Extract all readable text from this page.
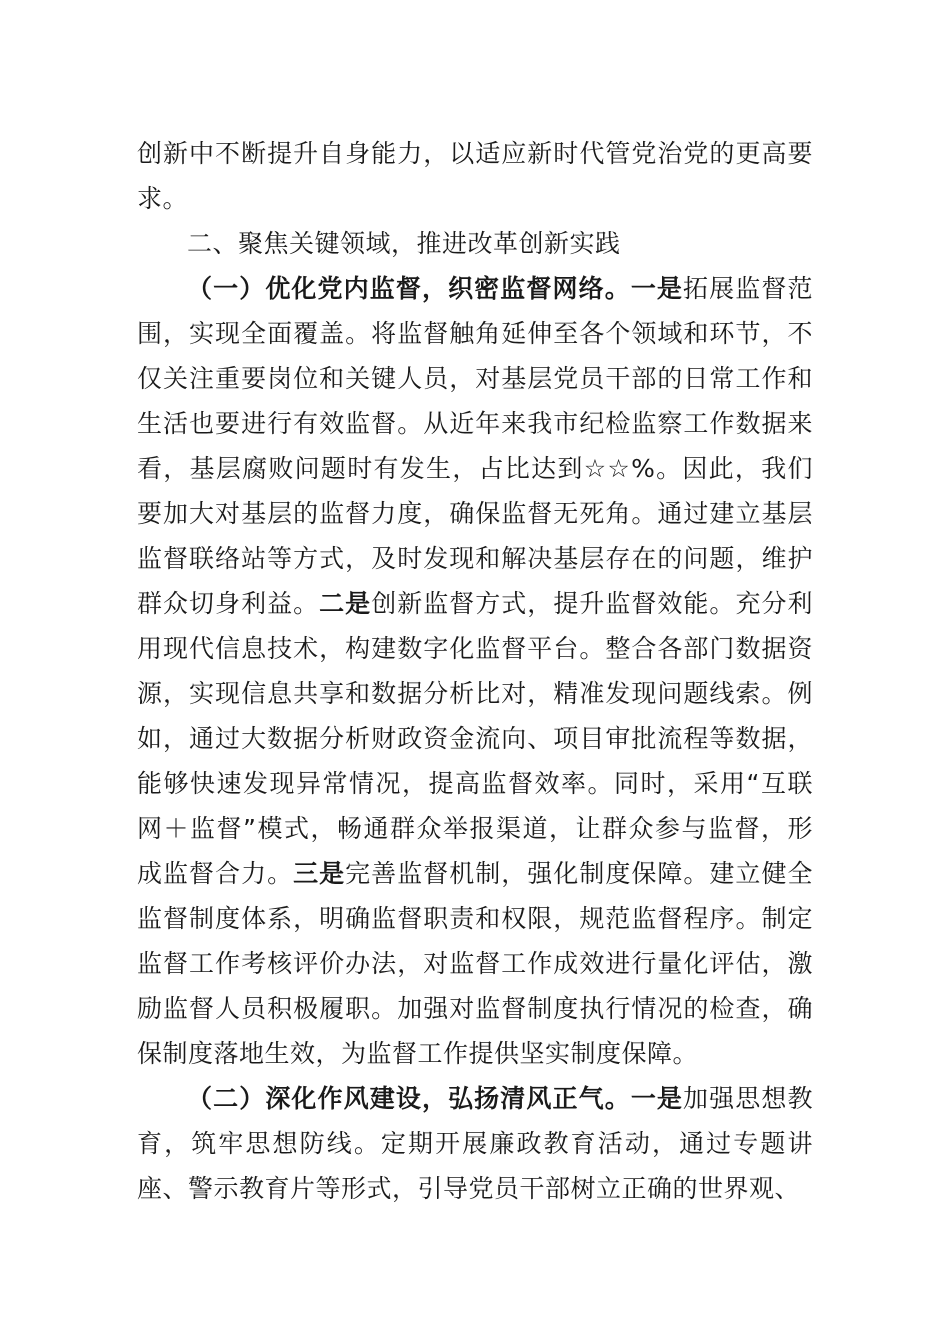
创新中不断提升自身能力，以适应新时代管党治党的更高要求。

二、聚焦关键领域，推进改革创新实践

（一）优化党内监督，织密监督网络。一是拓展监督范围，实现全面覆盖。将监督触角延伸至各个领域和环节，不仅关注重要岗位和关键人员，对基层党员干部的日常工作和生活也要进行有效监督。从近年来我市纪检监察工作数据来看，基层腐败问题时有发生，占比达到☆☆%。因此，我们要加大对基层的监督力度，确保监督无死角。通过建立基层监督联络站等方式，及时发现和解决基层存在的问题，维护群众切身利益。二是创新监督方式，提升监督效能。充分利用现代信息技术，构建数字化监督平台。整合各部门数据资源，实现信息共享和数据分析比对，精准发现问题线索。例如，通过大数据分析财政资金流向、项目审批流程等数据，能够快速发现异常情况，提高监督效率。同时，采用“互联网＋监督”模式，畅通群众举报渠道，让群众参与监督，形成监督合力。三是完善监督机制，强化制度保障。建立健全监督制度体系，明确监督职责和权限，规范监督程序。制定监督工作考核评价办法，对监督工作成效进行量化评估，激励监督人员积极履职。加强对监督制度执行情况的检查，确保制度落地生效，为监督工作提供坚实制度保障。

（二）深化作风建设，弘扬清风正气。一是加强思想教育，筑牢思想防线。定期开展廉政教育活动，通过专题讲座、警示教育片等形式，引导党员干部树立正确的世界观、
